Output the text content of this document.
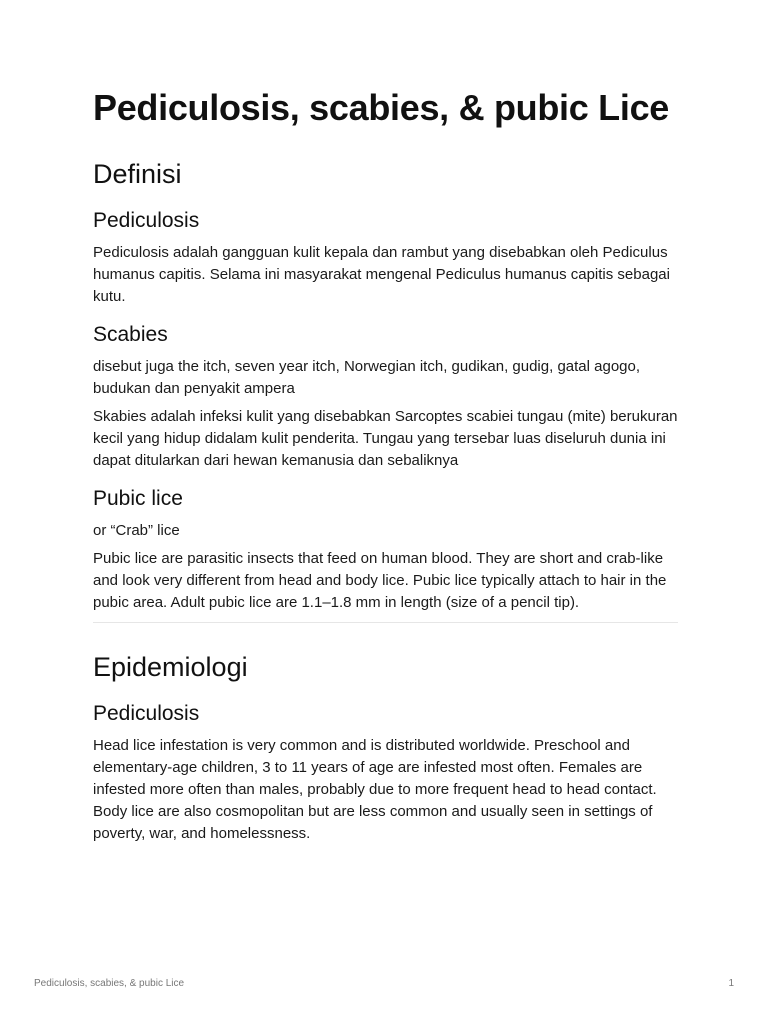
Pediculosis, scabies, & pubic Lice
Definisi
Pediculosis

Pediculosis adalah gangguan kulit kepala dan rambut yang disebabkan oleh Pediculus humanus capitis. Selama ini masyarakat mengenal Pediculus humanus capitis sebagai kutu.

Scabies

disebut juga the itch, seven year itch, Norwegian itch, gudikan, gudig, gatal agogo, budukan dan penyakit ampera

Skabies adalah infeksi kulit yang disebabkan Sarcoptes scabiei tungau (mite) berukuran kecil yang hidup didalam kulit penderita. Tungau yang tersebar luas diseluruh dunia ini dapat ditularkan dari hewan kemanusia dan sebaliknya

Pubic lice

or “Crab” lice

Pubic lice are parasitic insects that feed on human blood. They are short and crab-like and look very different from head and body lice. Pubic lice typically attach to hair in the pubic area. Adult pubic lice are 1.1–1.8 mm in length (size of a pencil tip).

Epidemiologi
Pediculosis

Head lice infestation is very common and is distributed worldwide. Preschool and elementary-age children, 3 to 11 years of age are infested most often. Females are infested more often than males, probably due to more frequent head to head contact. Body lice are also cosmopolitan but are less common and usually seen in settings of poverty, war, and homelessness.

Pediculosis, scabies, & pubic Lice	1
